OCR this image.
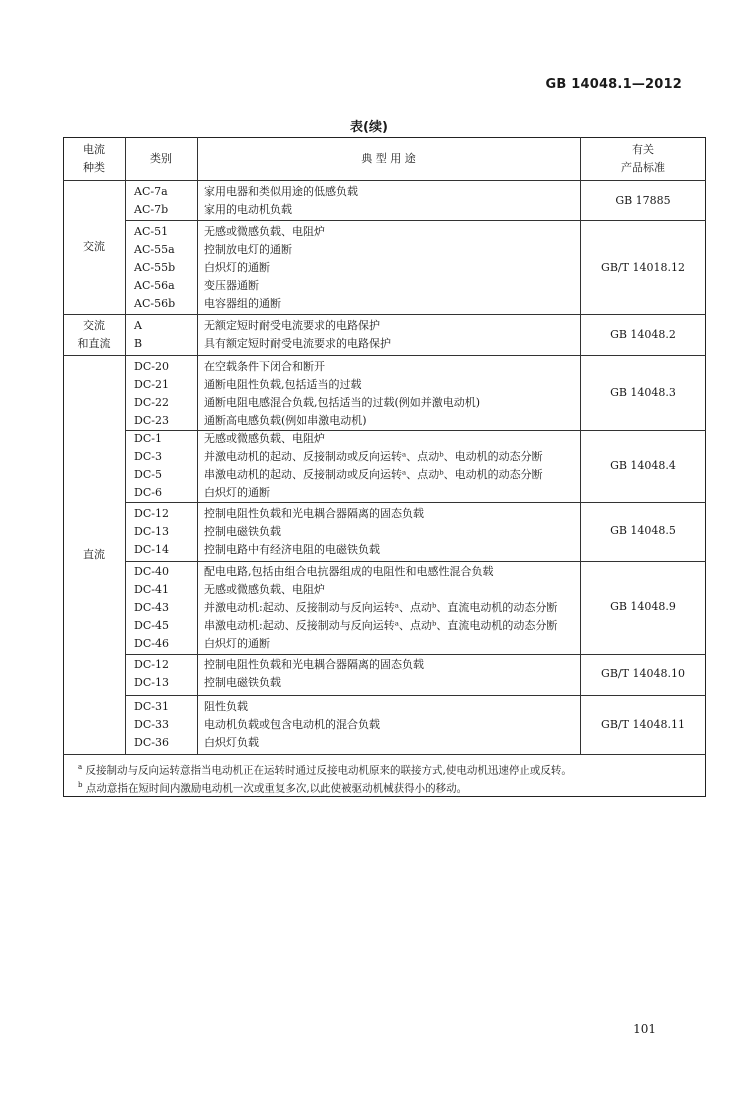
GB 14048.1—2012
表(续)
电流
种类
类别	典 型 用 途
有关
产品标准
交流
交流
和直流
直流
AC-7a
AC-7b
家用电器和类似用途的低感负载
家用的电动机负载
GB 17885
AC-51
AC-55a
AC-55b
AC-56a
AC-56b
无感或微感负载、电阻炉
控制放电灯的通断
白炽灯的通断
变压器通断
电容器组的通断
GB/T 14018.12
A
B
无额定短时耐受电流要求的电路保护
具有额定短时耐受电流要求的电路保护
GB 14048.2
DC-20
DC-21
DC-22
DC-23
在空载条件下闭合和断开
通断电阻性负载,包括适当的过载
通断电阻电感混合负载,包括适当的过载(例如并激电动机)
通断高电感负载(例如串激电动机)
GB 14048.3
DC-1
DC-3
DC-5
DC-6
无感或微感负载、电阻炉
并激电动机的起动、反接制动或反向运转ᵃ、点动ᵇ、电动机的动态分断
串激电动机的起动、反接制动或反向运转ᵃ、点动ᵇ、电动机的动态分断
白炽灯的通断
GB 14048.4
DC-12
DC-13
DC-14
控制电阻性负载和光电耦合器隔离的固态负载
控制电磁铁负载
控制电路中有经济电阻的电磁铁负载
GB 14048.5
DC-40
DC-41
DC-43
DC-45
DC-46
配电电路,包括由组合电抗器组成的电阻性和电感性混合负载
无感或微感负载、电阻炉
并激电动机:起动、反接制动与反向运转ᵃ、点动ᵇ、直流电动机的动态分断
串激电动机:起动、反接制动与反向运转ᵃ、点动ᵇ、直流电动机的动态分断
白炽灯的通断
GB 14048.9
DC-12
DC-13
控制电阻性负载和光电耦合器隔离的固态负载
控制电磁铁负载
GB/T 14048.10
DC-31
DC-33
DC-36
阻性负载
电动机负载或包含电动机的混合负载
白炽灯负载
GB/T 14048.11
$^a$ 反接制动与反向运转意指当电动机正在运转时通过反接电动机原来的联接方式,使电动机迅速停止或反转。
$^b$ 点动意指在短时间内激励电动机一次或重复多次,以此使被驱动机械获得小的移动。
101
